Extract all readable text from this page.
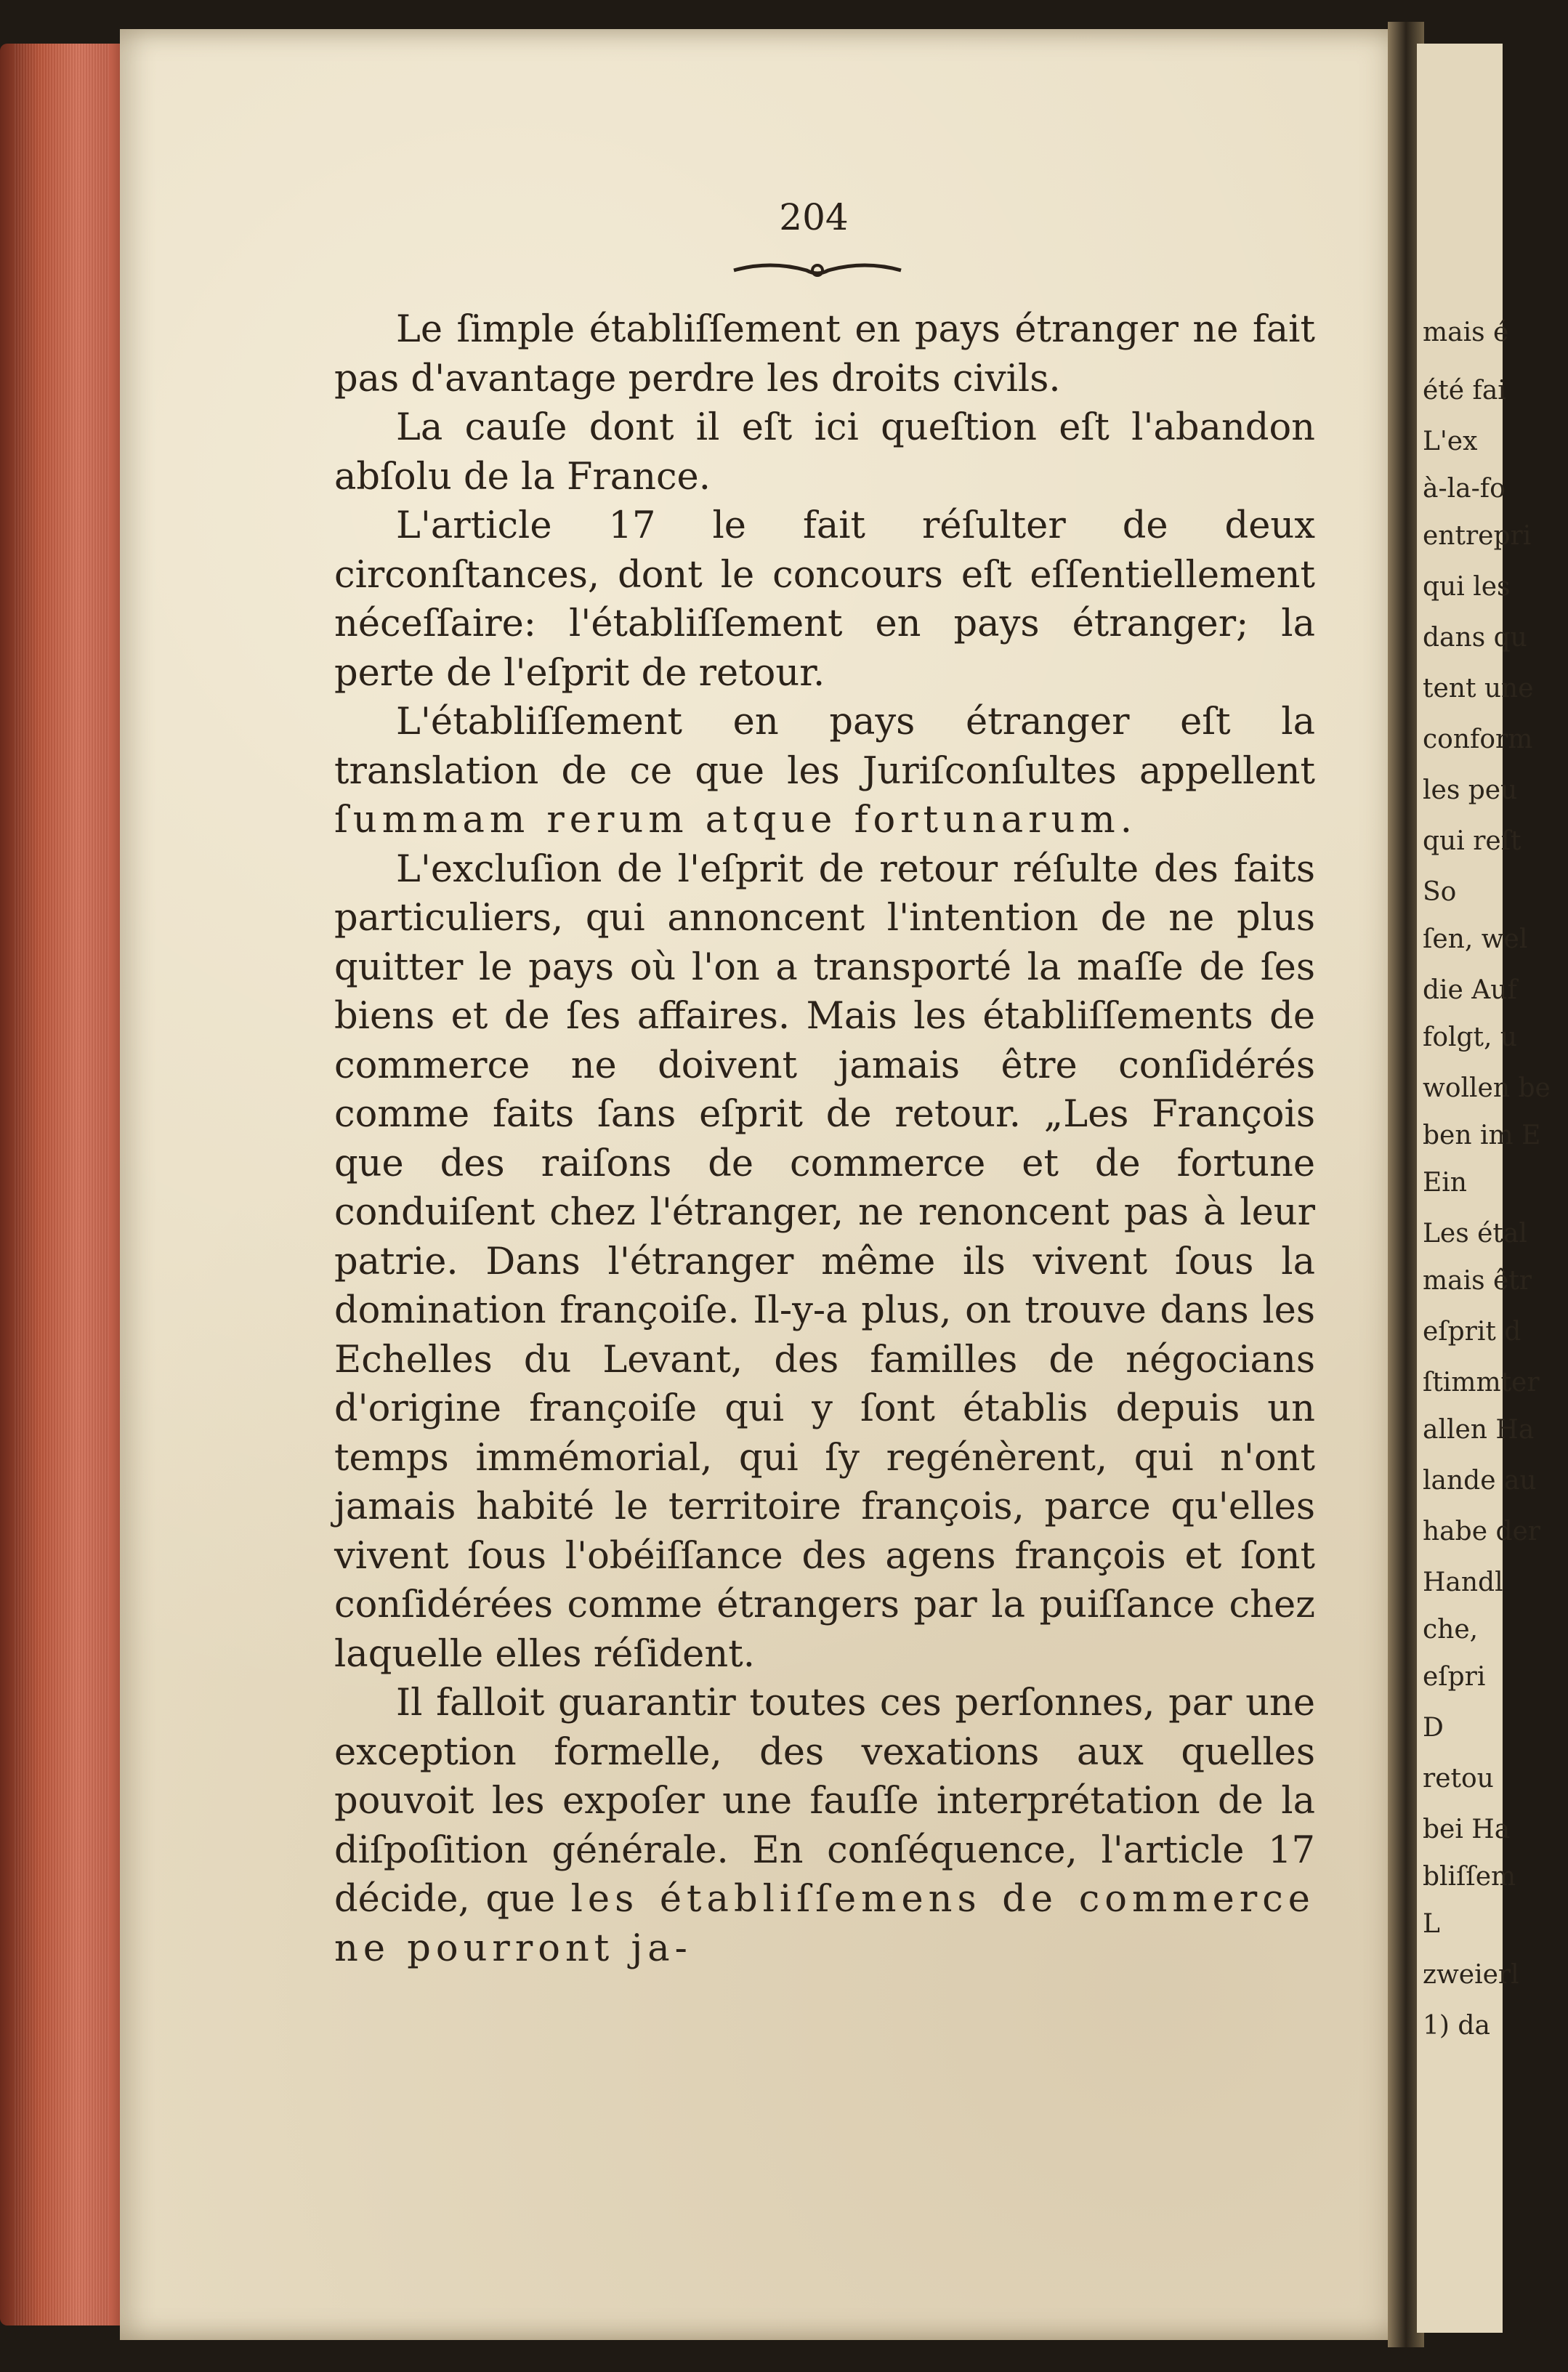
mais é
été fai
L'ex
à-la-fo
entrepri
qui les
dans qu
tent une
conform
les peu
qui reſt
So
ſen, wel
die Auf
folgt, u
wollen be
ben im E
Ein
Les étal
mais êtr
eſprit d
ſtimmter
allen Ha
lande au
habe der
Handl
che,
eſpri
D
retou
bei Ha
bliſſem
L
zweierl
1) da
204

Le ſimple établiſſement en pays étranger ne fait pas d'avantage perdre les droits civils.

La cauſe dont il eſt ici queſtion eſt l'abandon abſolu de la France.

L'article 17 le fait réſulter de deux circonſtances, dont le concours eſt eſſentiellement néceſſaire: l'établiſſement en pays étranger; la perte de l'eſprit de retour.

L'établiſſement en pays étranger eſt la translation de ce que les Juriſconſultes appellent ſummam rerum atque fortunarum.

L'excluſion de l'eſprit de retour réſulte des faits particuliers, qui annoncent l'intention de ne plus quitter le pays où l'on a transporté la maſſe de ſes biens et de ſes affaires. Mais les établiſſements de commerce ne doivent jamais être conſidérés comme faits ſans eſprit de retour. „Les François que des raiſons de commerce et de fortune conduiſent chez l'étranger, ne renoncent pas à leur patrie. Dans l'étranger même ils vivent ſous la domination françoiſe. Il-y-a plus, on trouve dans les Echelles du Levant, des familles de négocians d'origine françoiſe qui y ſont établis depuis un temps immémorial, qui ſy regénèrent, qui n'ont jamais habité le territoire françois, parce qu'elles vivent ſous l'obéiſſance des agens françois et ſont conſidérées comme étrangers par la puiſſance chez laquelle elles réſident.

Il falloit guarantir toutes ces perſonnes, par une exception formelle, des vexations aux quelles pouvoit les expoſer une fauſſe interprétation de la diſpoſition générale. En conſéquence, l'article 17 décide, que les établiſſemens de commerce ne pourront ja-
